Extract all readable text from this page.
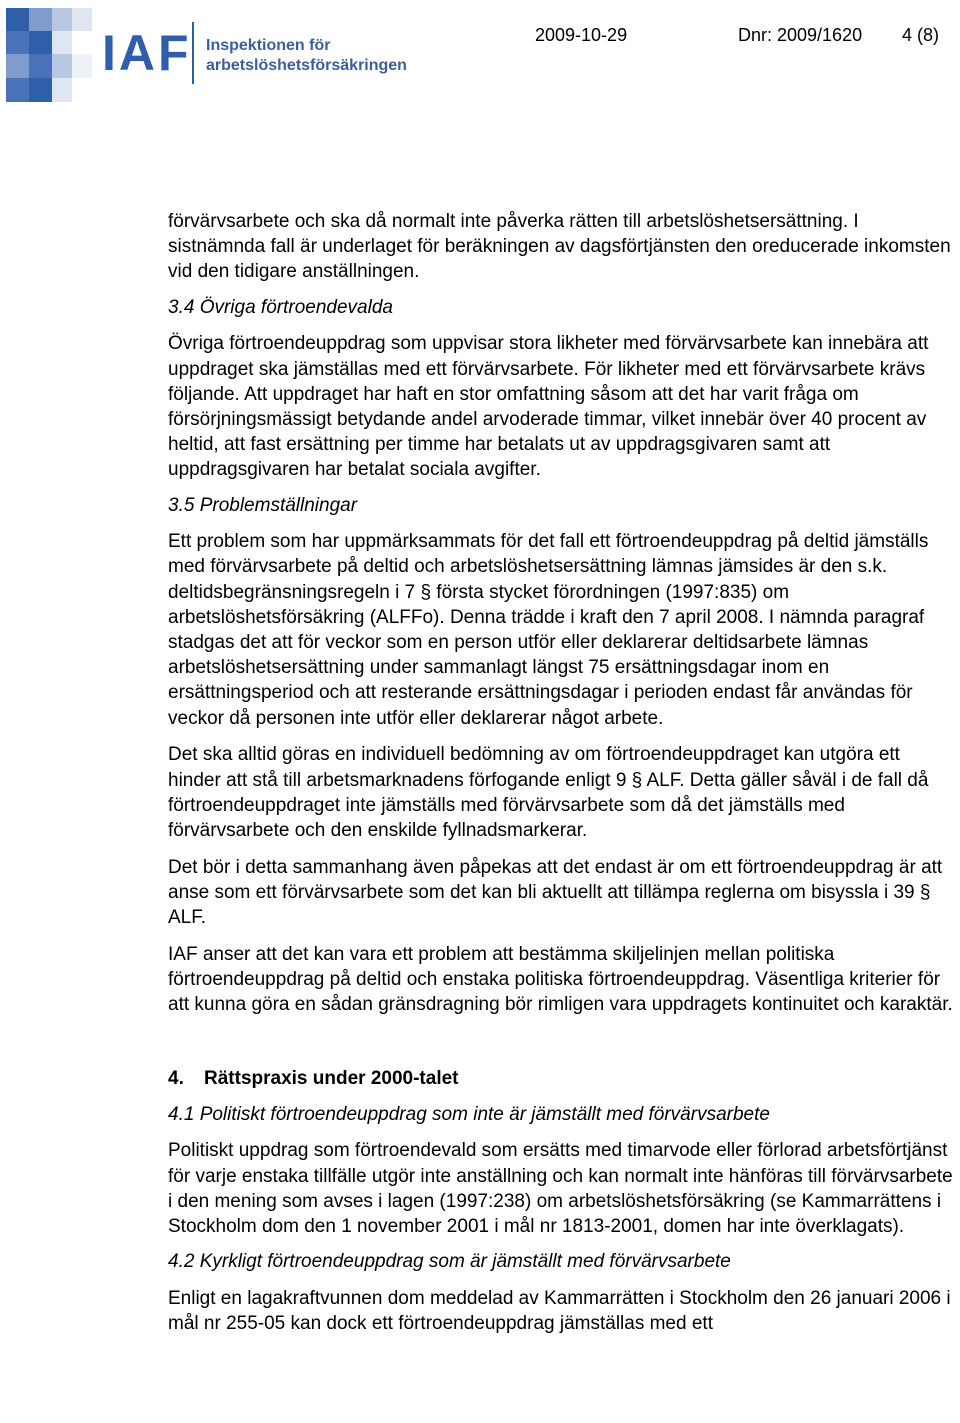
IAF Inspektionen för
arbetslöshetsförsäkringen
2009-10-29	Dnr: 2009/1620 4 (8)

förvärvsarbete och ska då normalt inte påverka rätten till arbetslöshetsersättning. I sistnämnda fall är underlaget för beräkningen av dagsförtjänsten den oreducerade inkomsten vid den tidigare anställningen.

3.4 Övriga förtroendevalda

Övriga förtroendeuppdrag som uppvisar stora likheter med förvärvsarbete kan innebära att uppdraget ska jämställas med ett förvärvsarbete. För likheter med ett förvärvsarbete krävs följande. Att uppdraget har haft en stor omfattning såsom att det har varit fråga om försörjningsmässigt betydande andel arvoderade timmar, vilket innebär över 40 procent av heltid, att fast ersättning per timme har betalats ut av uppdragsgivaren samt att uppdragsgivaren har betalat sociala avgifter.

3.5 Problemställningar

Ett problem som har uppmärksammats för det fall ett förtroendeuppdrag på deltid jämställs med förvärvsarbete på deltid och arbetslöshetsersättning lämnas jämsides är den s.k. deltidsbegränsningsregeln i 7 § första stycket förordningen (1997:835) om arbetslöshetsförsäkring (ALFFo). Denna trädde i kraft den 7 april 2008. I nämnda paragraf stadgas det att för veckor som en person utför eller deklarerar deltidsarbete lämnas arbetslöshetsersättning under sammanlagt längst 75 ersättningsdagar inom en ersättningsperiod och att resterande ersättningsdagar i perioden endast får användas för veckor då personen inte utför eller deklarerar något arbete.

Det ska alltid göras en individuell bedömning av om förtroendeuppdraget kan utgöra ett hinder att stå till arbetsmarknadens förfogande enligt 9 § ALF. Detta gäller såväl i de fall då förtroendeuppdraget inte jämställs med förvärvsarbete som då det jämställs med förvärvsarbete och den enskilde fyllnadsmarkerar.

Det bör i detta sammanhang även påpekas att det endast är om ett förtroendeuppdrag är att anse som ett förvärvsarbete som det kan bli aktuellt att tillämpa reglerna om bisyssla i 39 § ALF.

IAF anser att det kan vara ett problem att bestämma skiljelinjen mellan politiska förtroendeuppdrag på deltid och enstaka politiska förtroendeuppdrag. Väsentliga kriterier för att kunna göra en sådan gränsdragning bör rimligen vara uppdragets kontinuitet och karaktär.

4. Rättspraxis under 2000-talet

4.1 Politiskt förtroendeuppdrag som inte är jämställt med förvärvsarbete

Politiskt uppdrag som förtroendevald som ersätts med timarvode eller förlorad arbetsförtjänst för varje enstaka tillfälle utgör inte anställning och kan normalt inte hänföras till förvärvsarbete i den mening som avses i lagen (1997:238) om arbetslöshetsförsäkring (se Kammarrättens i Stockholm dom den 1 november 2001 i mål nr 1813-2001, domen har inte överklagats).

4.2 Kyrkligt förtroendeuppdrag som är jämställt med förvärvsarbete

Enligt en lagakraftvunnen dom meddelad av Kammarrätten i Stockholm den 26 januari 2006 i mål nr 255-05 kan dock ett förtroendeuppdrag jämställas med ett
